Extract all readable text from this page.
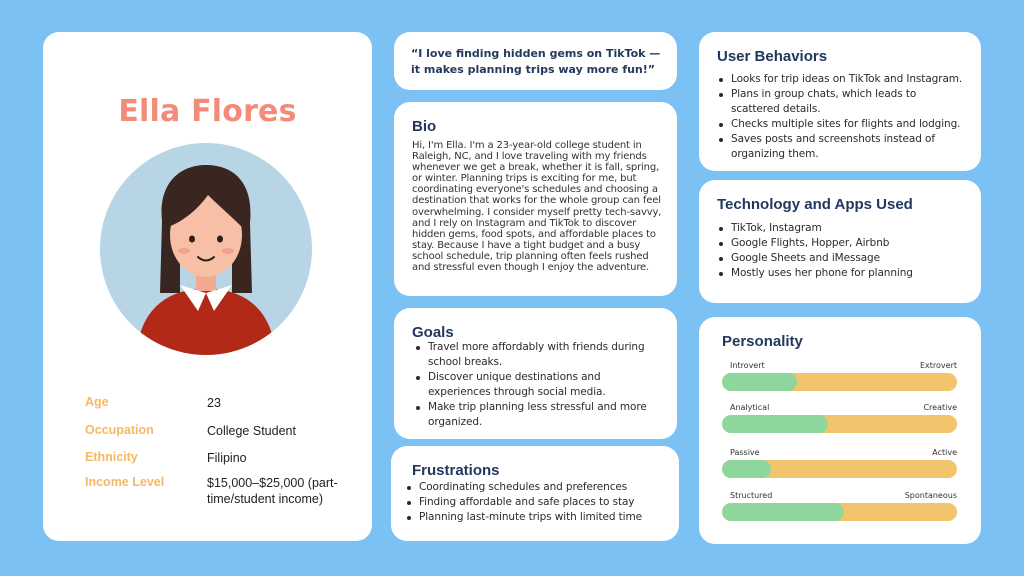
Ella Flores
Age	23
Occupation	College Student
Ethnicity	Filipino
Income Level	$15,000–$25,000 (part-time/student income)
“I love finding hidden gems on TikTok — it makes planning trips way more fun!”
Bio
Hi, I'm Ella. I'm a 23-year-old college student in Raleigh, NC, and I love traveling with my friends whenever we get a break, whether it is fall, spring, or winter. Planning trips is exciting for me, but coordinating everyone's schedules and choosing a destination that works for the whole group can feel overwhelming. I consider myself pretty tech-savvy, and I rely on Instagram and TikTok to discover hidden gems, food spots, and affordable places to stay. Because I have a tight budget and a busy school schedule, trip planning often feels rushed and stressful even though I enjoy the adventure.
Goals
Travel more affordably with friends during school breaks.
Discover unique destinations and experiences through social media.
Make trip planning less stressful and more organized.
Frustrations
Coordinating schedules and preferences
Finding affordable and safe places to stay
Planning last-minute trips with limited time
User Behaviors
Looks for trip ideas on TikTok and Instagram.
Plans in group chats, which leads to scattered details.
Checks multiple sites for flights and lodging.
Saves posts and screenshots instead of organizing them.
Technology and Apps Used
TikTok, Instagram
Google Flights, Hopper, Airbnb
Google Sheets and iMessage
Mostly uses her phone for planning
Personality
Introvert	Extrovert
Analytical	Creative
Passive	Active
Structured	Spontaneous
